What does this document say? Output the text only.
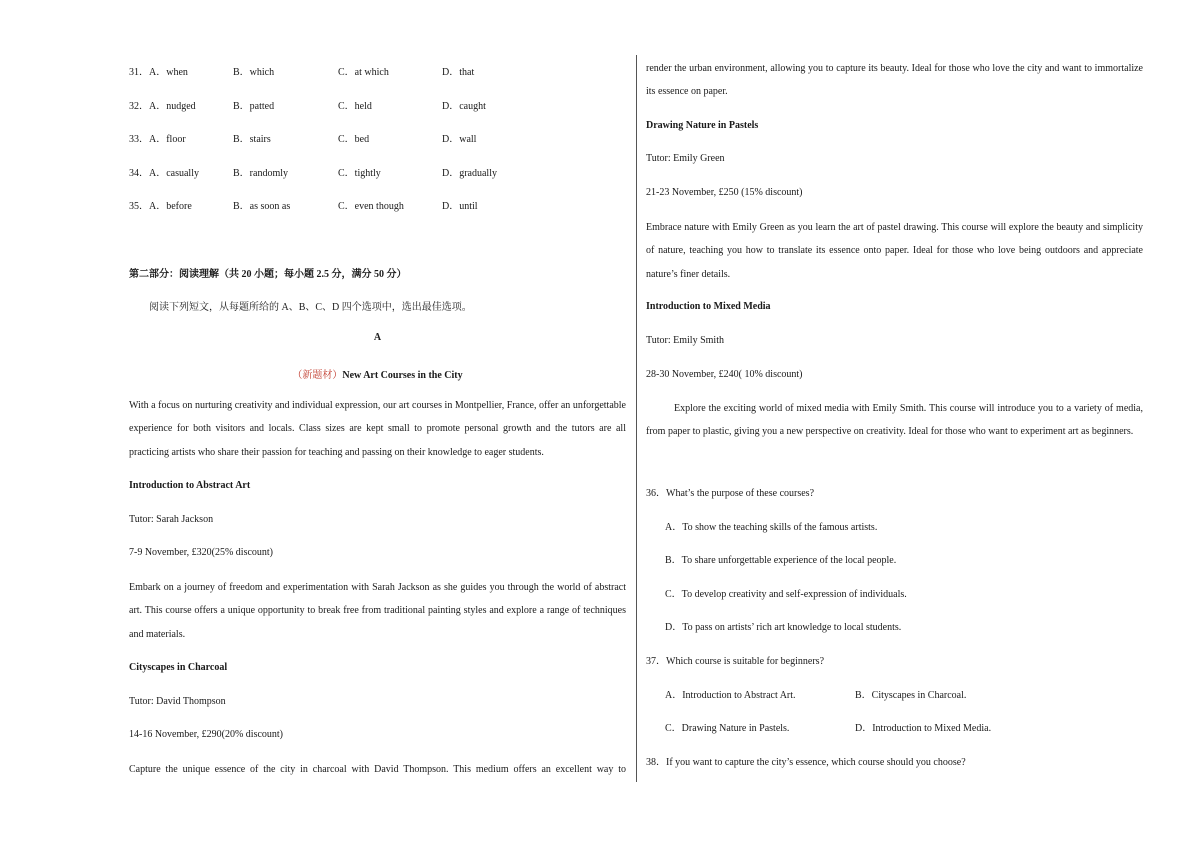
31． A．when	B．which	C．at which	D．that
32． A．nudged	B．patted	C．held	D．caught
33． A．floor	B．stairs	C．bed	D．wall
34． A．casually	B．randomly	C．tightly	D．gradually
35． A．before	B．as soon as	C．even though	D．until
第二部分：阅读理解（共 20 小题；每小题 2.5 分，满分 50 分）
阅读下列短文，从每题所给的 A、B、C、D 四个选项中，选出最佳选项。
A
（新题材）New Art Courses in the City
With a focus on nurturing creativity and individual expression, our art courses in Montpellier, France, offer an unforgettable experience for both visitors and locals. Class sizes are kept small to promote personal growth and the tutors are all practicing artists who share their passion for teaching and passing on their knowledge to eager students.
Introduction to Abstract Art
Tutor: Sarah Jackson
7-9 November, £320(25% discount)
Embark on a journey of freedom and experimentation with Sarah Jackson as she guides you through the world of abstract art. This course offers a unique opportunity to break free from traditional painting styles and explore a range of techniques and materials.
Cityscapes in Charcoal
Tutor: David Thompson
14-16 November, £290(20% discount)
Capture the unique essence of the city in charcoal with David Thompson. This medium offers an excellent way to
render the urban environment, allowing you to capture its beauty. Ideal for those who love the city and want to immortalize its essence on paper.
Drawing Nature in Pastels
Tutor: Emily Green
21-23 November, £250 (15% discount)
Embrace nature with Emily Green as you learn the art of pastel drawing. This course will explore the beauty and simplicity of nature, teaching you how to translate its essence onto paper. Ideal for those who love being outdoors and appreciate nature’s finer details.
Introduction to Mixed Media
Tutor: Emily Smith
28-30 November, £240( 10% discount)
Explore the exciting world of mixed media with Emily Smith. This course will introduce you to a variety of media, from paper to plastic, giving you a new perspective on creativity. Ideal for those who want to experiment art as beginners.
36．What’s the purpose of these courses?
A．To show the teaching skills of the famous artists.
B．To share unforgettable experience of the local people.
C．To develop creativity and self-expression of individuals.
D．To pass on artists’ rich art knowledge to local students.
37．Which course is suitable for beginners?
A．Introduction to Abstract Art.	B．Cityscapes in Charcoal.
C．Drawing Nature in Pastels.	D．Introduction to Mixed Media.
38．If you want to capture the city’s essence, which course should you choose?
